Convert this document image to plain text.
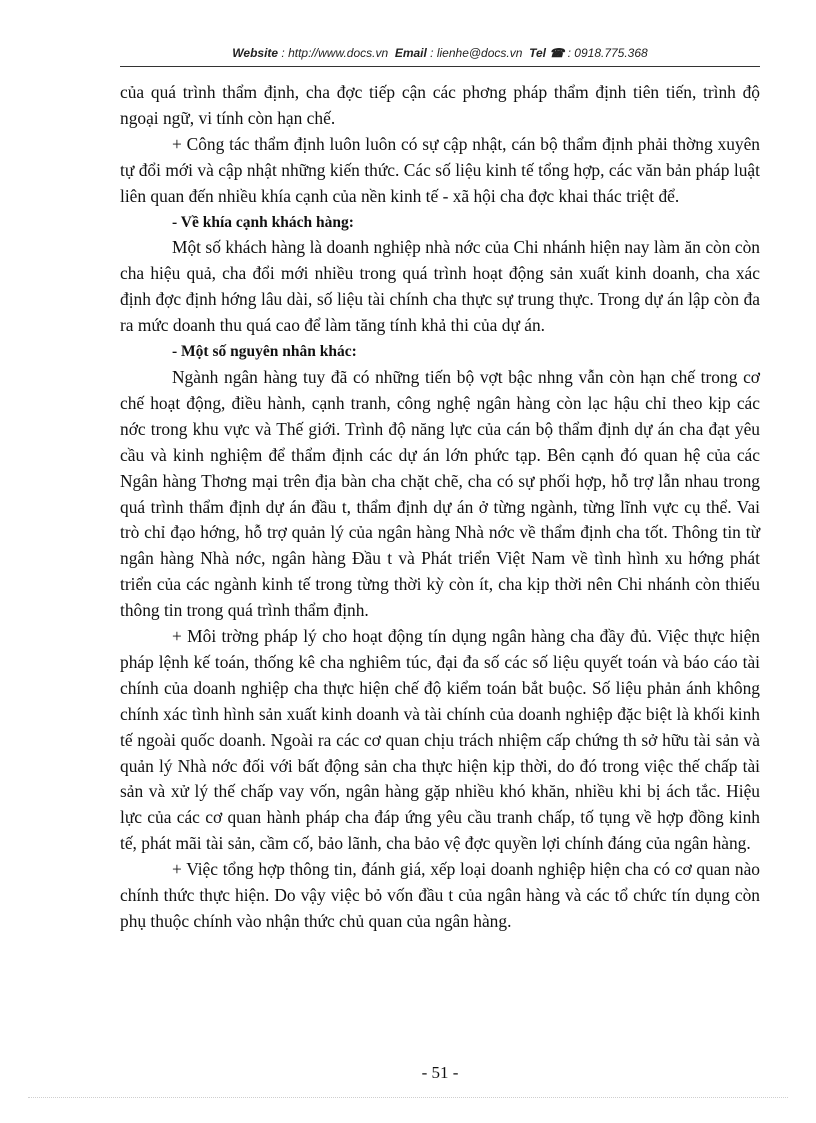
Website : http://www.docs.vn Email : lienhe@docs.vn Tel ☎ : 0918.775.368

của quá trình thẩm định, cha đợc tiếp cận các phơng pháp thẩm định tiên tiến, trình độ ngoại ngữ, vi tính còn hạn chế.

+ Công tác thẩm định luôn luôn có sự cập nhật, cán bộ thẩm định phải thờng xuyên tự đổi mới và cập nhật những kiến thức. Các số liệu kinh tế tổng hợp, các văn bản pháp luật liên quan đến nhiều khía cạnh của nền kinh tế - xã hội cha đợc khai thác triệt để.

- Về khía cạnh khách hàng:

Một số khách hàng là doanh nghiệp nhà nớc của Chi nhánh hiện nay làm ăn còn còn cha hiệu quả, cha đổi mới nhiều trong quá trình hoạt động sản xuất kinh doanh, cha xác định đợc định hớng lâu dài, số liệu tài chính cha thực sự trung thực. Trong dự án lập còn đa ra mức doanh thu quá cao để làm tăng tính khả thi của dự án.

- Một số nguyên nhân khác:

Ngành ngân hàng tuy đã có những tiến bộ vợt bậc nhng vẫn còn hạn chế trong cơ chế hoạt động, điều hành, cạnh tranh, công nghệ ngân hàng còn lạc hậu chỉ theo kịp các nớc trong khu vực và Thế giới. Trình độ năng lực của cán bộ thẩm định dự án cha đạt yêu cầu và kinh nghiệm để thẩm định các dự án lớn phức tạp. Bên cạnh đó quan hệ của các Ngân hàng Thơng mại trên địa bàn cha chặt chẽ, cha có sự phối hợp, hỗ trợ lẫn nhau trong quá trình thẩm định dự án đầu t, thẩm định dự án ở từng ngành, từng lĩnh vực cụ thể. Vai trò chỉ đạo hớng, hỗ trợ quản lý của ngân hàng Nhà nớc về thẩm định cha tốt. Thông tin từ ngân hàng Nhà nớc, ngân hàng Đầu t và Phát triển Việt Nam về tình hình xu hớng phát triển của các ngành kinh tế trong từng thời kỳ còn ít, cha kịp thời nên Chi nhánh còn thiếu thông tin trong quá trình thẩm định.

+ Môi trờng pháp lý cho hoạt động tín dụng ngân hàng cha đầy đủ. Việc thực hiện pháp lệnh kế toán, thống kê cha nghiêm túc, đại đa số các số liệu quyết toán và báo cáo tài chính của doanh nghiệp cha thực hiện chế độ kiểm toán bắt buộc. Số liệu phản ánh không chính xác tình hình sản xuất kinh doanh và tài chính của doanh nghiệp đặc biệt là khối kinh tế ngoài quốc doanh. Ngoài ra các cơ quan chịu trách nhiệm cấp chứng th sở hữu tài sản và quản lý Nhà nớc đối với bất động sản cha thực hiện kịp thời, do đó trong việc thế chấp tài sản và xử lý thế chấp vay vốn, ngân hàng gặp nhiều khó khăn, nhiều khi bị ách tắc. Hiệu lực của các cơ quan hành pháp cha đáp ứng yêu cầu tranh chấp, tố tụng về hợp đồng kinh tế, phát mãi tài sản, cầm cố, bảo lãnh, cha bảo vệ đợc quyền lợi chính đáng của ngân hàng.

+ Việc tổng hợp thông tin, đánh giá, xếp loại doanh nghiệp hiện cha có cơ quan nào chính thức thực hiện. Do vậy việc bỏ vốn đầu t của ngân hàng và các tổ chức tín dụng còn phụ thuộc chính vào nhận thức chủ quan của ngân hàng.

- 51 -
